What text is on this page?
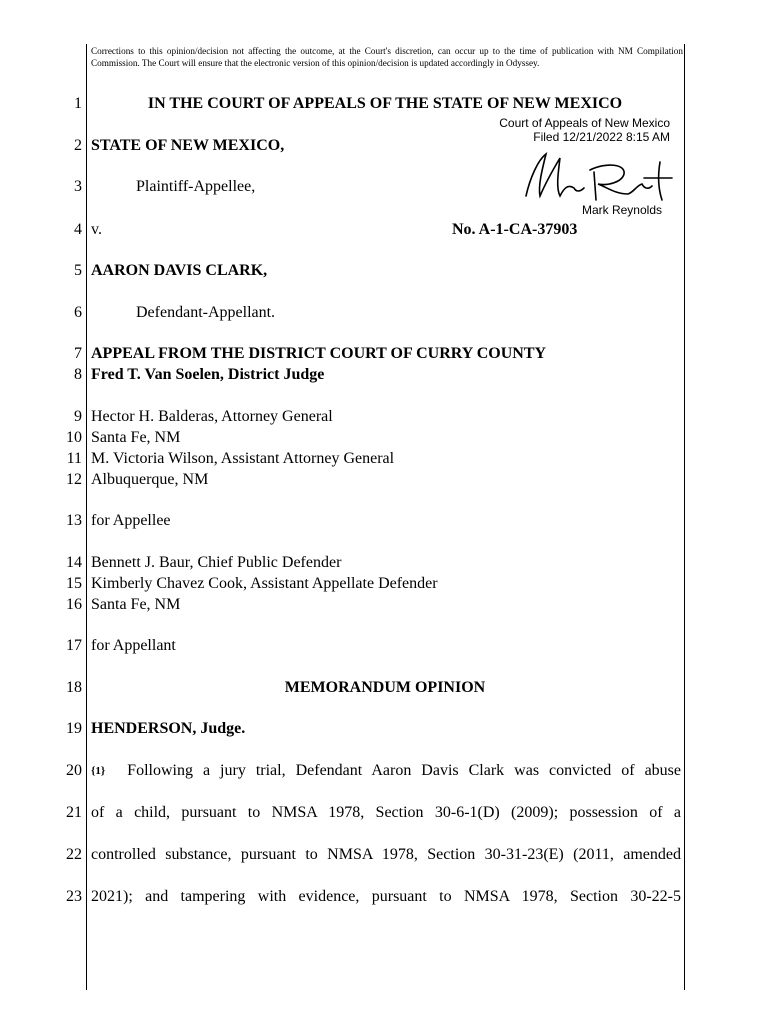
Corrections to this opinion/decision not affecting the outcome, at the Court's discretion, can occur up to the time of publication with NM Compilation Commission. The Court will ensure that the electronic version of this opinion/decision is updated accordingly in Odyssey.
1
2
3
4
5
6
7
8
9
10
11
12
13
14
15
16
17
18
19
20
21
22
23
IN THE COURT OF APPEALS OF THE STATE OF NEW MEXICO
Court of Appeals of New Mexico
Filed 12/21/2022 8:15 AM
STATE OF NEW MEXICO,
Plaintiff-Appellee,
Mark Reynolds
v.	No. A-1-CA-37903
AARON DAVIS CLARK,
Defendant-Appellant.
APPEAL FROM THE DISTRICT COURT OF CURRY COUNTY
Fred T. Van Soelen, District Judge
Hector H. Balderas, Attorney General
Santa Fe, NM
M. Victoria Wilson, Assistant Attorney General
Albuquerque, NM
for Appellee
Bennett J. Baur, Chief Public Defender
Kimberly Chavez Cook, Assistant Appellate Defender
Santa Fe, NM
for Appellant
MEMORANDUM OPINION
HENDERSON, Judge.
{1} Following a jury trial, Defendant Aaron Davis Clark was convicted of abuse
of a child, pursuant to NMSA 1978, Section 30-6-1(D) (2009); possession of a
controlled substance, pursuant to NMSA 1978, Section 30-31-23(E) (2011, amended
2021); and tampering with evidence, pursuant to NMSA 1978, Section 30-22-5
